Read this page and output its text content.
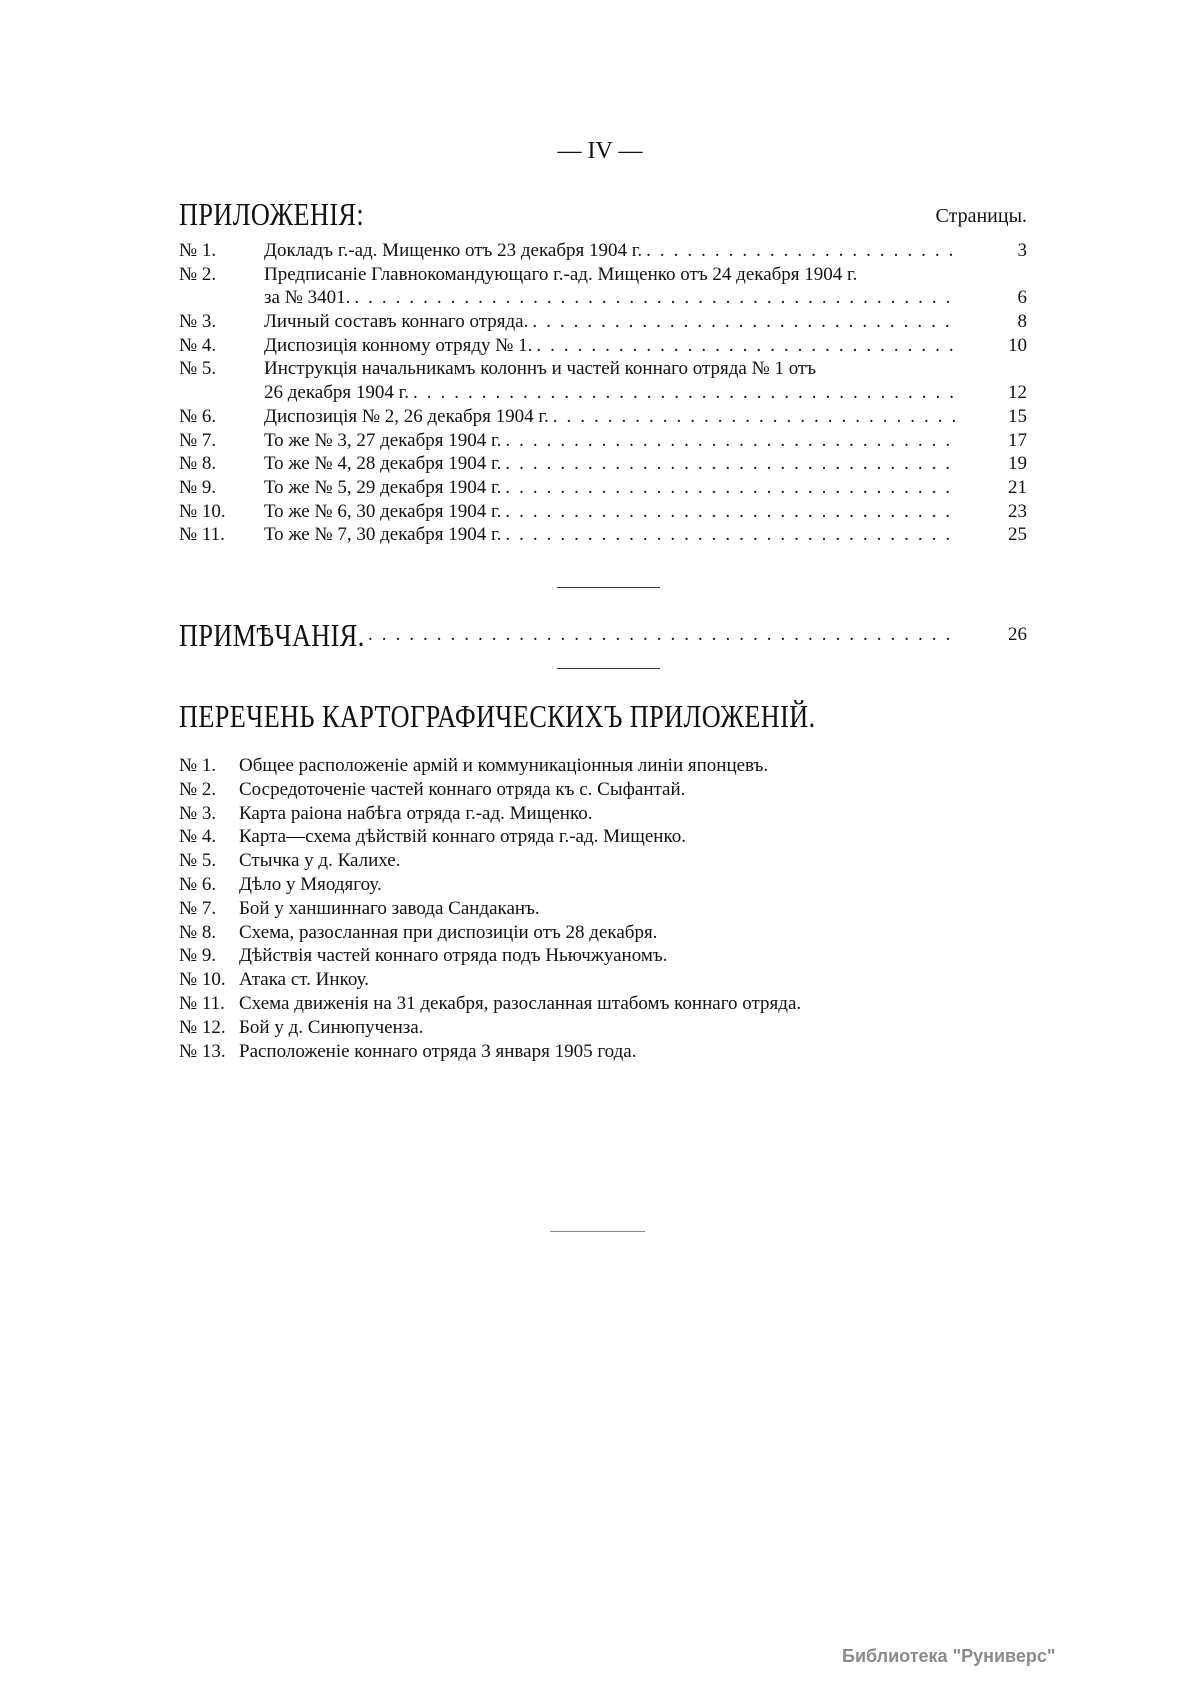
— IV —
ПРИЛОЖЕНІЯ:	Страницы.
№ 1.	Докладъ г.-ад. Мищенко отъ 23 декабря 1904 г. .....	3
№ 2.	Предписаніе Главнокомандующаго г.-ад. Мищенко отъ 24 декабря 1904 г.
за № 3401. .....	6
№ 3.	Личный составъ коннаго отряда. .....	8
№ 4.	Диспозиція конному отряду № 1. .....	10
№ 5.	Инструкція начальникамъ колоннъ и частей коннаго отряда № 1 отъ
26 декабря 1904 г. .....	12
№ 6.	Диспозиція № 2, 26 декабря 1904 г. .....	15
№ 7.	То же № 3, 27 декабря 1904 г. .....	17
№ 8.	То же № 4, 28 декабря 1904 г. .....	19
№ 9.	То же № 5, 29 декабря 1904 г. .....	21
№ 10.	То же № 6, 30 декабря 1904 г. .....	23
№ 11.	То же № 7, 30 декабря 1904 г. .....	25
ПРИМѢЧАНІЯ. .....	26
ПЕРЕЧЕНЬ КАРТОГРАФИЧЕСКИХЪ ПРИЛОЖЕНІЙ.
№ 1. Общее расположеніе армій и коммуникаціонныя линіи японцевъ.
№ 2. Сосредоточеніе частей коннаго отряда къ с. Сыфантай.
№ 3. Карта раіона набѣга отряда г.-ад. Мищенко.
№ 4. Карта—схема дѣйствій коннаго отряда г.-ад. Мищенко.
№ 5. Стычка у д. Калихе.
№ 6. Дѣло у Мяодягоу.
№ 7. Бой у ханшиннаго завода Сандаканъ.
№ 8. Схема, разосланная при диспозиціи отъ 28 декабря.
№ 9. Дѣйствія частей коннаго отряда подъ Ньючжуаномъ.
№ 10. Атака ст. Инкоу.
№ 11. Схема движенія на 31 декабря, разосланная штабомъ коннаго отряда.
№ 12. Бой у д. Синюпученза.
№ 13. Расположеніе коннаго отряда 3 января 1905 года.
Библиотека "Руниверс"
